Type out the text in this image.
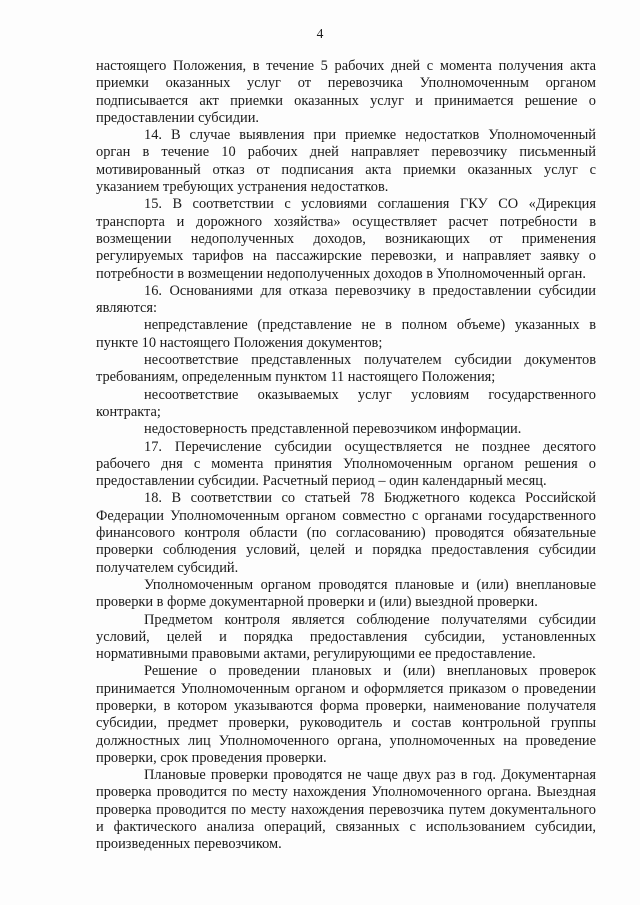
4

настоящего Положения, в течение 5 рабочих дней с момента получения акта приемки оказанных услуг от перевозчика Уполномоченным органом подписывается акт приемки оказанных услуг и принимается решение о предоставлении субсидии.

14. В случае выявления при приемке недостатков Уполномоченный орган в течение 10 рабочих дней направляет перевозчику письменный мотивированный отказ от подписания акта приемки оказанных услуг с указанием требующих устранения недостатков.

15. В соответствии с условиями соглашения ГКУ СО «Дирекция транспорта и дорожного хозяйства» осуществляет расчет потребности в возмещении недополученных доходов, возникающих от применения регулируемых тарифов на пассажирские перевозки, и направляет заявку о потребности в возмещении недополученных доходов в Уполномоченный орган.

16. Основаниями для отказа перевозчику в предоставлении субсидии являются:

непредставление (представление не в полном объеме) указанных в пункте 10 настоящего Положения документов;

несоответствие представленных получателем субсидии документов требованиям, определенным пунктом 11 настоящего Положения;

несоответствие оказываемых услуг условиям государственного контракта;

недостоверность представленной перевозчиком информации.

17. Перечисление субсидии осуществляется не позднее десятого рабочего дня с момента принятия Уполномоченным органом решения о предоставлении субсидии. Расчетный период – один календарный месяц.

18. В соответствии со статьей 78 Бюджетного кодекса Российской Федерации Уполномоченным органом совместно с органами государственного финансового контроля области (по согласованию) проводятся обязательные проверки соблюдения условий, целей и порядка предоставления субсидии получателем субсидий.

Уполномоченным органом проводятся плановые и (или) внеплановые проверки в форме документарной проверки и (или) выездной проверки.

Предметом контроля является соблюдение получателями субсидии условий, целей и порядка предоставления субсидии, установленных нормативными правовыми актами, регулирующими ее предоставление.

Решение о проведении плановых и (или) внеплановых проверок принимается Уполномоченным органом и оформляется приказом о проведении проверки, в котором указываются форма проверки, наименование получателя субсидии, предмет проверки, руководитель и состав контрольной группы должностных лиц Уполномоченного органа, уполномоченных на проведение проверки, срок проведения проверки.

Плановые проверки проводятся не чаще двух раз в год. Документарная проверка проводится по месту нахождения Уполномоченного органа. Выездная проверка проводится по месту нахождения перевозчика путем документального и фактического анализа операций, связанных с использованием субсидии, произведенных перевозчиком.
